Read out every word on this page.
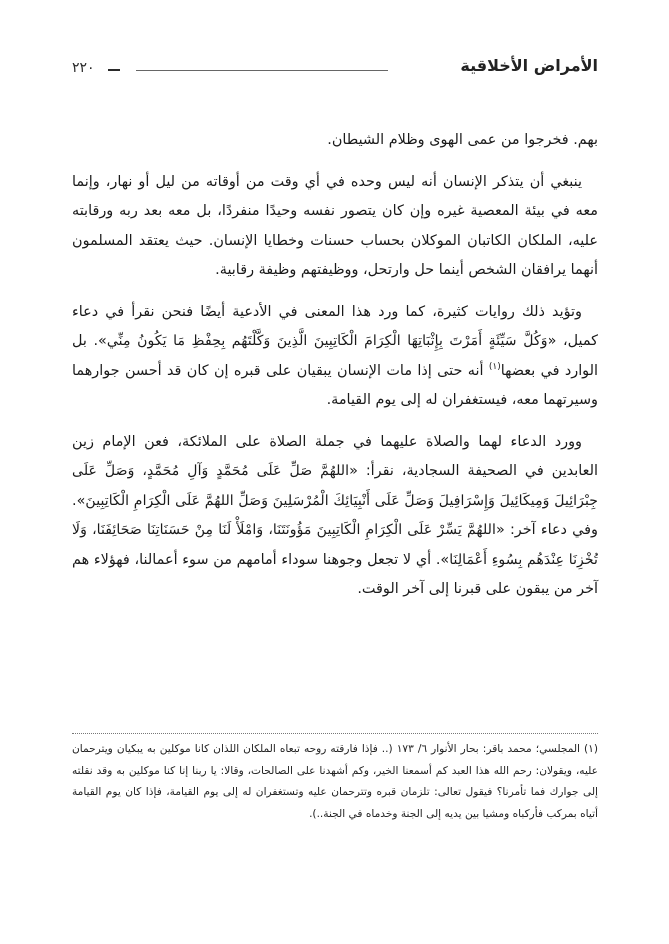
٢٢٠	الأمراض الأخلاقية

بهم. فخرجوا من عمى الهوى وظلام الشيطان.

ينبغي أن يتذكر الإنسان أنه ليس وحده في أي وقت من أوقاته من ليل أو نهار، وإنما معه في بيئة المعصية غيره وإن كان يتصور نفسه وحيدًا منفردًا، بل معه بعد ربه ورقابته عليه، الملكان الكاتبان الموكلان بحساب حسنات وخطايا الإنسان. حيث يعتقد المسلمون أنهما يرافقان الشخص أينما حل وارتحل، ووظيفتهم وظيفة رقابية.

وتؤيد ذلك روايات كثيرة، كما ورد هذا المعنى في الأدعية أيضًا فنحن نقرأ في دعاء كميل، «وَكُلَّ سَيِّئَةٍ أَمَرْتَ بِإِثْبَاتِهَا الْكِرَامَ الْكَاتِبِينَ الَّذِينَ وَكَّلْتَهُم بِحِفْظِ مَا يَكُونُ مِنِّي». بل الوارد في بعضها$^{(١)}$ أنه حتى إذا مات الإنسان يبقيان على قبره إن كان قد أحسن جوارهما وسيرتهما معه، فيستغفران له إلى يوم القيامة.

وورد الدعاء لهما والصلاة عليهما في جملة الصلاة على الملائكة، فعن الإمام زين العابدين في الصحيفة السجادية، نقرأ: «اللهُمَّ صَلِّ عَلَى مُحَمَّدٍ وَآلِ مُحَمَّدٍ، وَصَلِّ عَلَى جِبْرَائِيلَ وَمِيكَائِيلَ وَإِسْرَافِيلَ وَصَلِّ عَلَى أَنْبِيَائِكَ الْمُرْسَلِينَ وَصَلِّ اللهُمَّ عَلَى الْكِرَامِ الْكَاتِبِينَ». وفي دعاء آخر: «اللهُمَّ يَسِّرْ عَلَى الْكِرَامِ الْكَاتِبِينَ مَؤُونَتَنَا، وَامْلَأْ لَنَا مِنْ حَسَنَاتِنَا صَحَائِفَنَا، وَلَا تُخْزِنَا عِنْدَهُم بِسُوءِ أَعْمَالِنَا». أي لا تجعل وجوهنا سوداء أمامهم من سوء أعمالنا، فهؤلاء هم آخر من يبقون على قبرنا إلى آخر الوقت.

(١) المجلسي؛ محمد باقر: بحار الأنوار ٦/ ١٧٣ (.. فإذا فارقته روحه تبعاه الملكان اللذان كانا موكلين به يبكيان ويترحمان عليه، ويقولان: رحم الله هذا العبد كم أسمعنا الخير، وكم أشهدنا على الصالحات، وقالا: يا ربنا إنا كنا موكلين به وقد نقلته إلى جوارك فما تأمرنا؟ فيقول تعالى: تلزمان قبره وتترحمان عليه وتستغفران له إلى يوم القيامة، فإذا كان يوم القيامة أتياه بمركب فأركباه ومشيا بين يديه إلى الجنة وخدماه في الجنة..).
